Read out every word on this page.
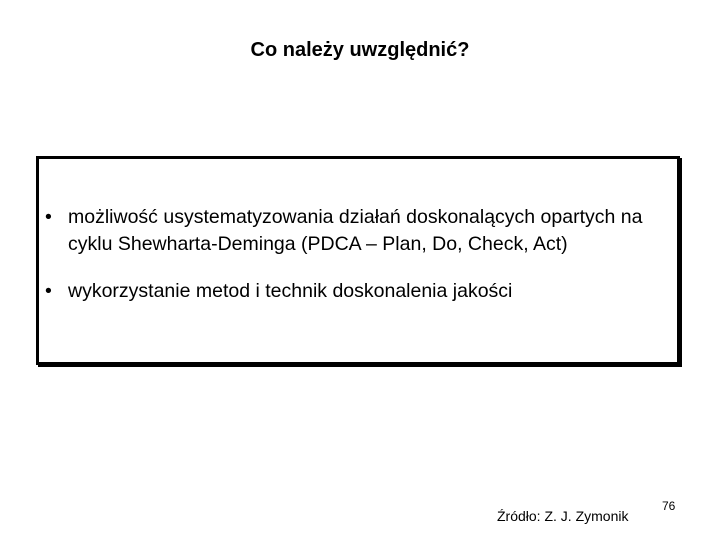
Co należy uwzględnić?
• możliwość usystematyzowania działań doskonalących opartych na cyklu Shewharta-Deminga (PDCA – Plan, Do, Check, Act)
• wykorzystanie metod i technik doskonalenia jakości
Źródło: Z. J. Zymonik
76
